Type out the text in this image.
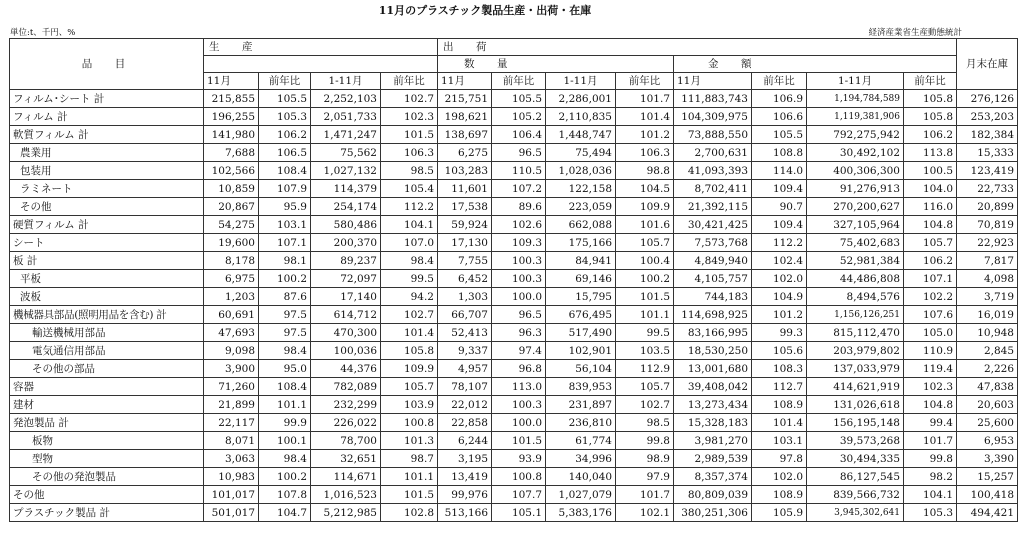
11月のプラスチック製品生産・出荷・在庫
単位:t、千円、%	経済産業省生産動態統計
品　目	生　産				出　荷								月末在庫
					数　量				金　額				
	11月	前年比	1-11月	前年比	11月	前年比	1-11月	前年比	11月	前年比	1-11月	前年比	
フィルム･シート 計	215,855	105.5	2,252,103	102.7	215,751	105.5	2,286,001	101.7	111,883,743	106.9	1,194,784,589	105.8	276,126
フィルム 計	196,255	105.3	2,051,733	102.3	198,621	105.2	2,110,835	101.4	104,309,975	106.6	1,119,381,906	105.8	253,203
軟質フィルム 計	141,980	106.2	1,471,247	101.5	138,697	106.4	1,448,747	101.2	73,888,550	105.5	792,275,942	106.2	182,384
農業用	7,688	106.5	75,562	106.3	6,275	96.5	75,494	106.3	2,700,631	108.8	30,492,102	113.8	15,333
包装用	102,566	108.4	1,027,132	98.5	103,283	110.5	1,028,036	98.8	41,093,393	114.0	400,306,300	100.5	123,419
ラミネート	10,859	107.9	114,379	105.4	11,601	107.2	122,158	104.5	8,702,411	109.4	91,276,913	104.0	22,733
その他	20,867	95.9	254,174	112.2	17,538	89.6	223,059	109.9	21,392,115	90.7	270,200,627	116.0	20,899
硬質フィルム 計	54,275	103.1	580,486	104.1	59,924	102.6	662,088	101.6	30,421,425	109.4	327,105,964	104.8	70,819
シート	19,600	107.1	200,370	107.0	17,130	109.3	175,166	105.7	7,573,768	112.2	75,402,683	105.7	22,923
板 計	8,178	98.1	89,237	98.4	7,755	100.3	84,941	100.4	4,849,940	102.4	52,981,384	106.2	7,817
平板	6,975	100.2	72,097	99.5	6,452	100.3	69,146	100.2	4,105,757	102.0	44,486,808	107.1	4,098
波板	1,203	87.6	17,140	94.2	1,303	100.0	15,795	101.5	744,183	104.9	8,494,576	102.2	3,719
機械器具部品(照明用品を含む) 計	60,691	97.5	614,712	102.7	66,707	96.5	676,495	101.1	114,698,925	101.2	1,156,126,251	107.6	16,019
輸送機械用部品	47,693	97.5	470,300	101.4	52,413	96.3	517,490	99.5	83,166,995	99.3	815,112,470	105.0	10,948
電気通信用部品	9,098	98.4	100,036	105.8	9,337	97.4	102,901	103.5	18,530,250	105.6	203,979,802	110.9	2,845
その他の部品	3,900	95.0	44,376	109.9	4,957	96.8	56,104	112.9	13,001,680	108.3	137,033,979	119.4	2,226
容器	71,260	108.4	782,089	105.7	78,107	113.0	839,953	105.7	39,408,042	112.7	414,621,919	102.3	47,838
建材	21,899	101.1	232,299	103.9	22,012	100.3	231,897	102.7	13,273,434	108.9	131,026,618	104.8	20,603
発泡製品 計	22,117	99.9	226,022	100.8	22,858	100.0	236,810	98.5	15,328,183	101.4	156,195,148	99.4	25,600
板物	8,071	100.1	78,700	101.3	6,244	101.5	61,774	99.8	3,981,270	103.1	39,573,268	101.7	6,953
型物	3,063	98.4	32,651	98.7	3,195	93.9	34,996	98.9	2,989,539	97.8	30,494,335	99.8	3,390
その他の発泡製品	10,983	100.2	114,671	101.1	13,419	100.8	140,040	97.9	8,357,374	102.0	86,127,545	98.2	15,257
その他	101,017	107.8	1,016,523	101.5	99,976	107.7	1,027,079	101.7	80,809,039	108.9	839,566,732	104.1	100,418
プラスチック製品 計	501,017	104.7	5,212,985	102.8	513,166	105.1	5,383,176	102.1	380,251,306	105.9	3,945,302,641	105.3	494,421
